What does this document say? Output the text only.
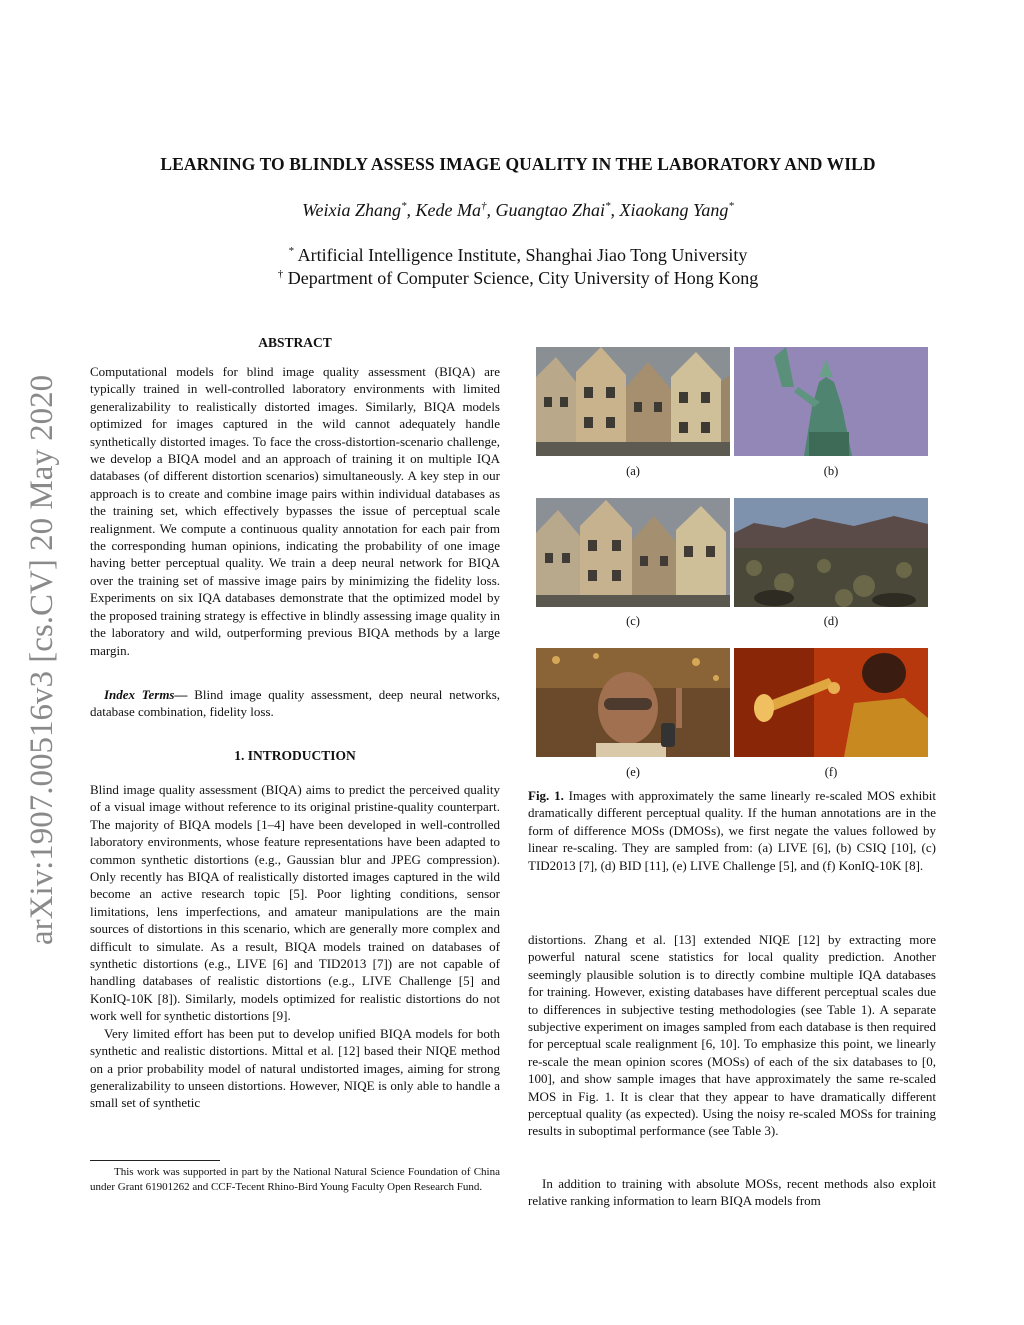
arXiv:1907.00516v3 [cs.CV] 20 May 2020
LEARNING TO BLINDLY ASSESS IMAGE QUALITY IN THE LABORATORY AND WILD
Weixia Zhang*, Kede Ma†, Guangtao Zhai*, Xiaokang Yang*
* Artificial Intelligence Institute, Shanghai Jiao Tong University
† Department of Computer Science, City University of Hong Kong
ABSTRACT

Computational models for blind image quality assessment (BIQA) are typically trained in well-controlled laboratory environments with limited generalizability to realistically distorted images. Similarly, BIQA models optimized for images captured in the wild cannot adequately handle synthetically distorted images. To face the cross-distortion-scenario challenge, we develop a BIQA model and an approach of training it on multiple IQA databases (of different distortion scenarios) simultaneously. A key step in our approach is to create and combine image pairs within individual databases as the training set, which effectively bypasses the issue of perceptual scale realignment. We compute a continuous quality annotation for each pair from the corresponding human opinions, indicating the probability of one image having better perceptual quality. We train a deep neural network for BIQA over the training set of massive image pairs by minimizing the fidelity loss. Experiments on six IQA databases demonstrate that the optimized model by the proposed training strategy is effective in blindly assessing image quality in the laboratory and wild, outperforming previous BIQA methods by a large margin.

Index Terms— Blind image quality assessment, deep neural networks, database combination, fidelity loss.

1. INTRODUCTION

Blind image quality assessment (BIQA) aims to predict the perceived quality of a visual image without reference to its original pristine-quality counterpart. The majority of BIQA models [1–4] have been developed in well-controlled laboratory environments, whose feature representations have been adapted to common synthetic distortions (e.g., Gaussian blur and JPEG compression). Only recently has BIQA of realistically distorted images captured in the wild become an active research topic [5]. Poor lighting conditions, sensor limitations, lens imperfections, and amateur manipulations are the main sources of distortions in this scenario, which are generally more complex and difficult to simulate. As a result, BIQA models trained on databases of synthetic distortions (e.g., LIVE [6] and TID2013 [7]) are not capable of handling databases of realistic distortions (e.g., LIVE Challenge [5] and KonIQ-10K [8]). Similarly, models optimized for realistic distortions do not work well for synthetic distortions [9].

Very limited effort has been put to develop unified BIQA models for both synthetic and realistic distortions. Mittal et al. [12] based their NIQE method on a prior probability model of natural undistorted images, aiming for strong generalizability to unseen distortions. However, NIQE is only able to handle a small set of synthetic

This work was supported in part by the National Natural Science Foundation of China under Grant 61901262 and CCF-Tecent Rhino-Bird Young Faculty Open Research Fund.

(a)	(b)
(c)	(d)
(e)	(f)
Fig. 1. Images with approximately the same linearly re-scaled MOS exhibit dramatically different perceptual quality. If the human annotations are in the form of difference MOSs (DMOSs), we first negate the values followed by linear re-scaling. They are sampled from: (a) LIVE [6], (b) CSIQ [10], (c) TID2013 [7], (d) BID [11], (e) LIVE Challenge [5], and (f) KonIQ-10K [8].

distortions. Zhang et al. [13] extended NIQE [12] by extracting more powerful natural scene statistics for local quality prediction. Another seemingly plausible solution is to directly combine multiple IQA databases for training. However, existing databases have different perceptual scales due to differences in subjective testing methodologies (see Table 1). A separate subjective experiment on images sampled from each database is then required for perceptual scale realignment [6, 10]. To emphasize this point, we linearly re-scale the mean opinion scores (MOSs) of each of the six databases to [0, 100], and show sample images that have approximately the same re-scaled MOS in Fig. 1. It is clear that they appear to have dramatically different perceptual quality (as expected). Using the noisy re-scaled MOSs for training results in suboptimal performance (see Table 3).

In addition to training with absolute MOSs, recent methods also exploit relative ranking information to learn BIQA models from
